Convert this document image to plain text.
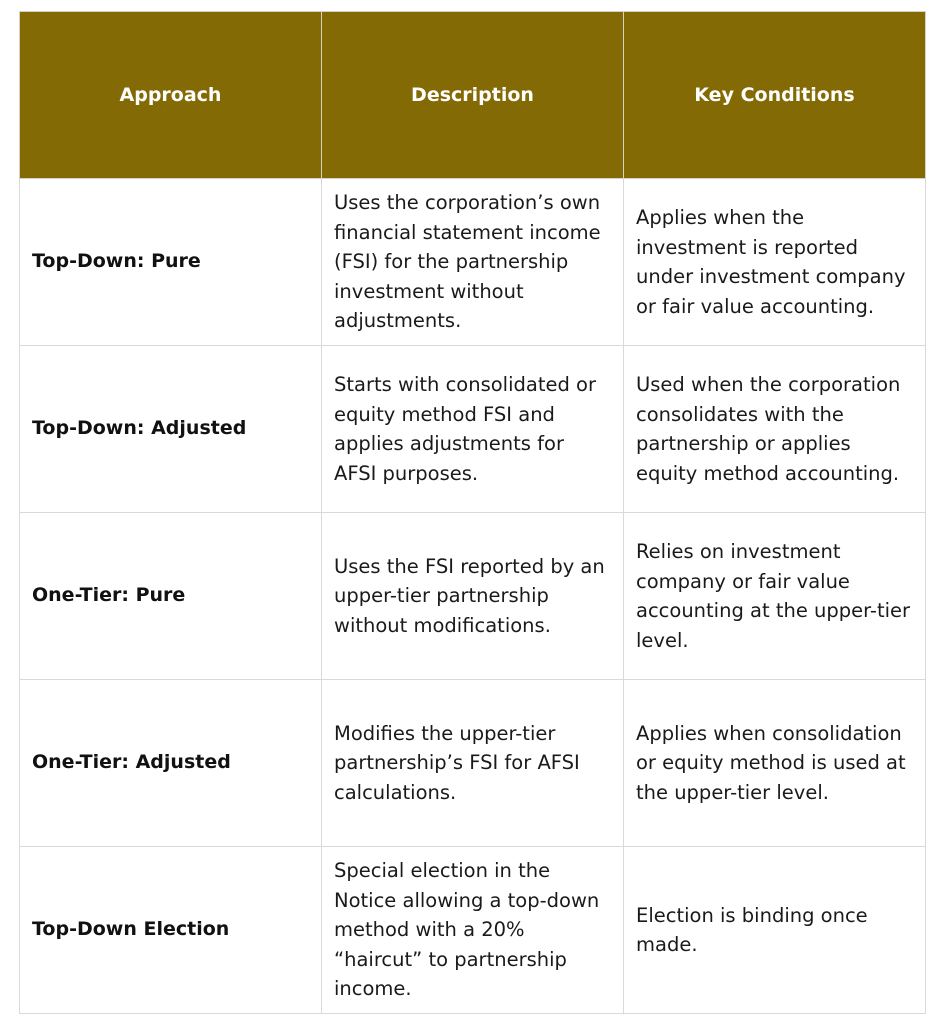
Approach	Description	Key Conditions
Top-Down: Pure	Uses the corporation’s own financial statement income (FSI) for the partnership investment without adjustments.	Applies when the investment is reported under investment company or fair value accounting.
Top-Down: Adjusted	Starts with consolidated or equity method FSI and applies adjustments for AFSI purposes.	Used when the corporation consolidates with the partnership or applies equity method accounting.
One-Tier: Pure	Uses the FSI reported by an upper-tier partnership without modifications.	Relies on investment company or fair value accounting at the upper-tier level.
One-Tier: Adjusted	Modifies the upper-tier partnership’s FSI for AFSI calculations.	Applies when consolidation or equity method is used at the upper-tier level.
Top-Down Election	Special election in the Notice allowing a top-down method with a 20% “haircut” to partnership income.	Election is binding once made.
